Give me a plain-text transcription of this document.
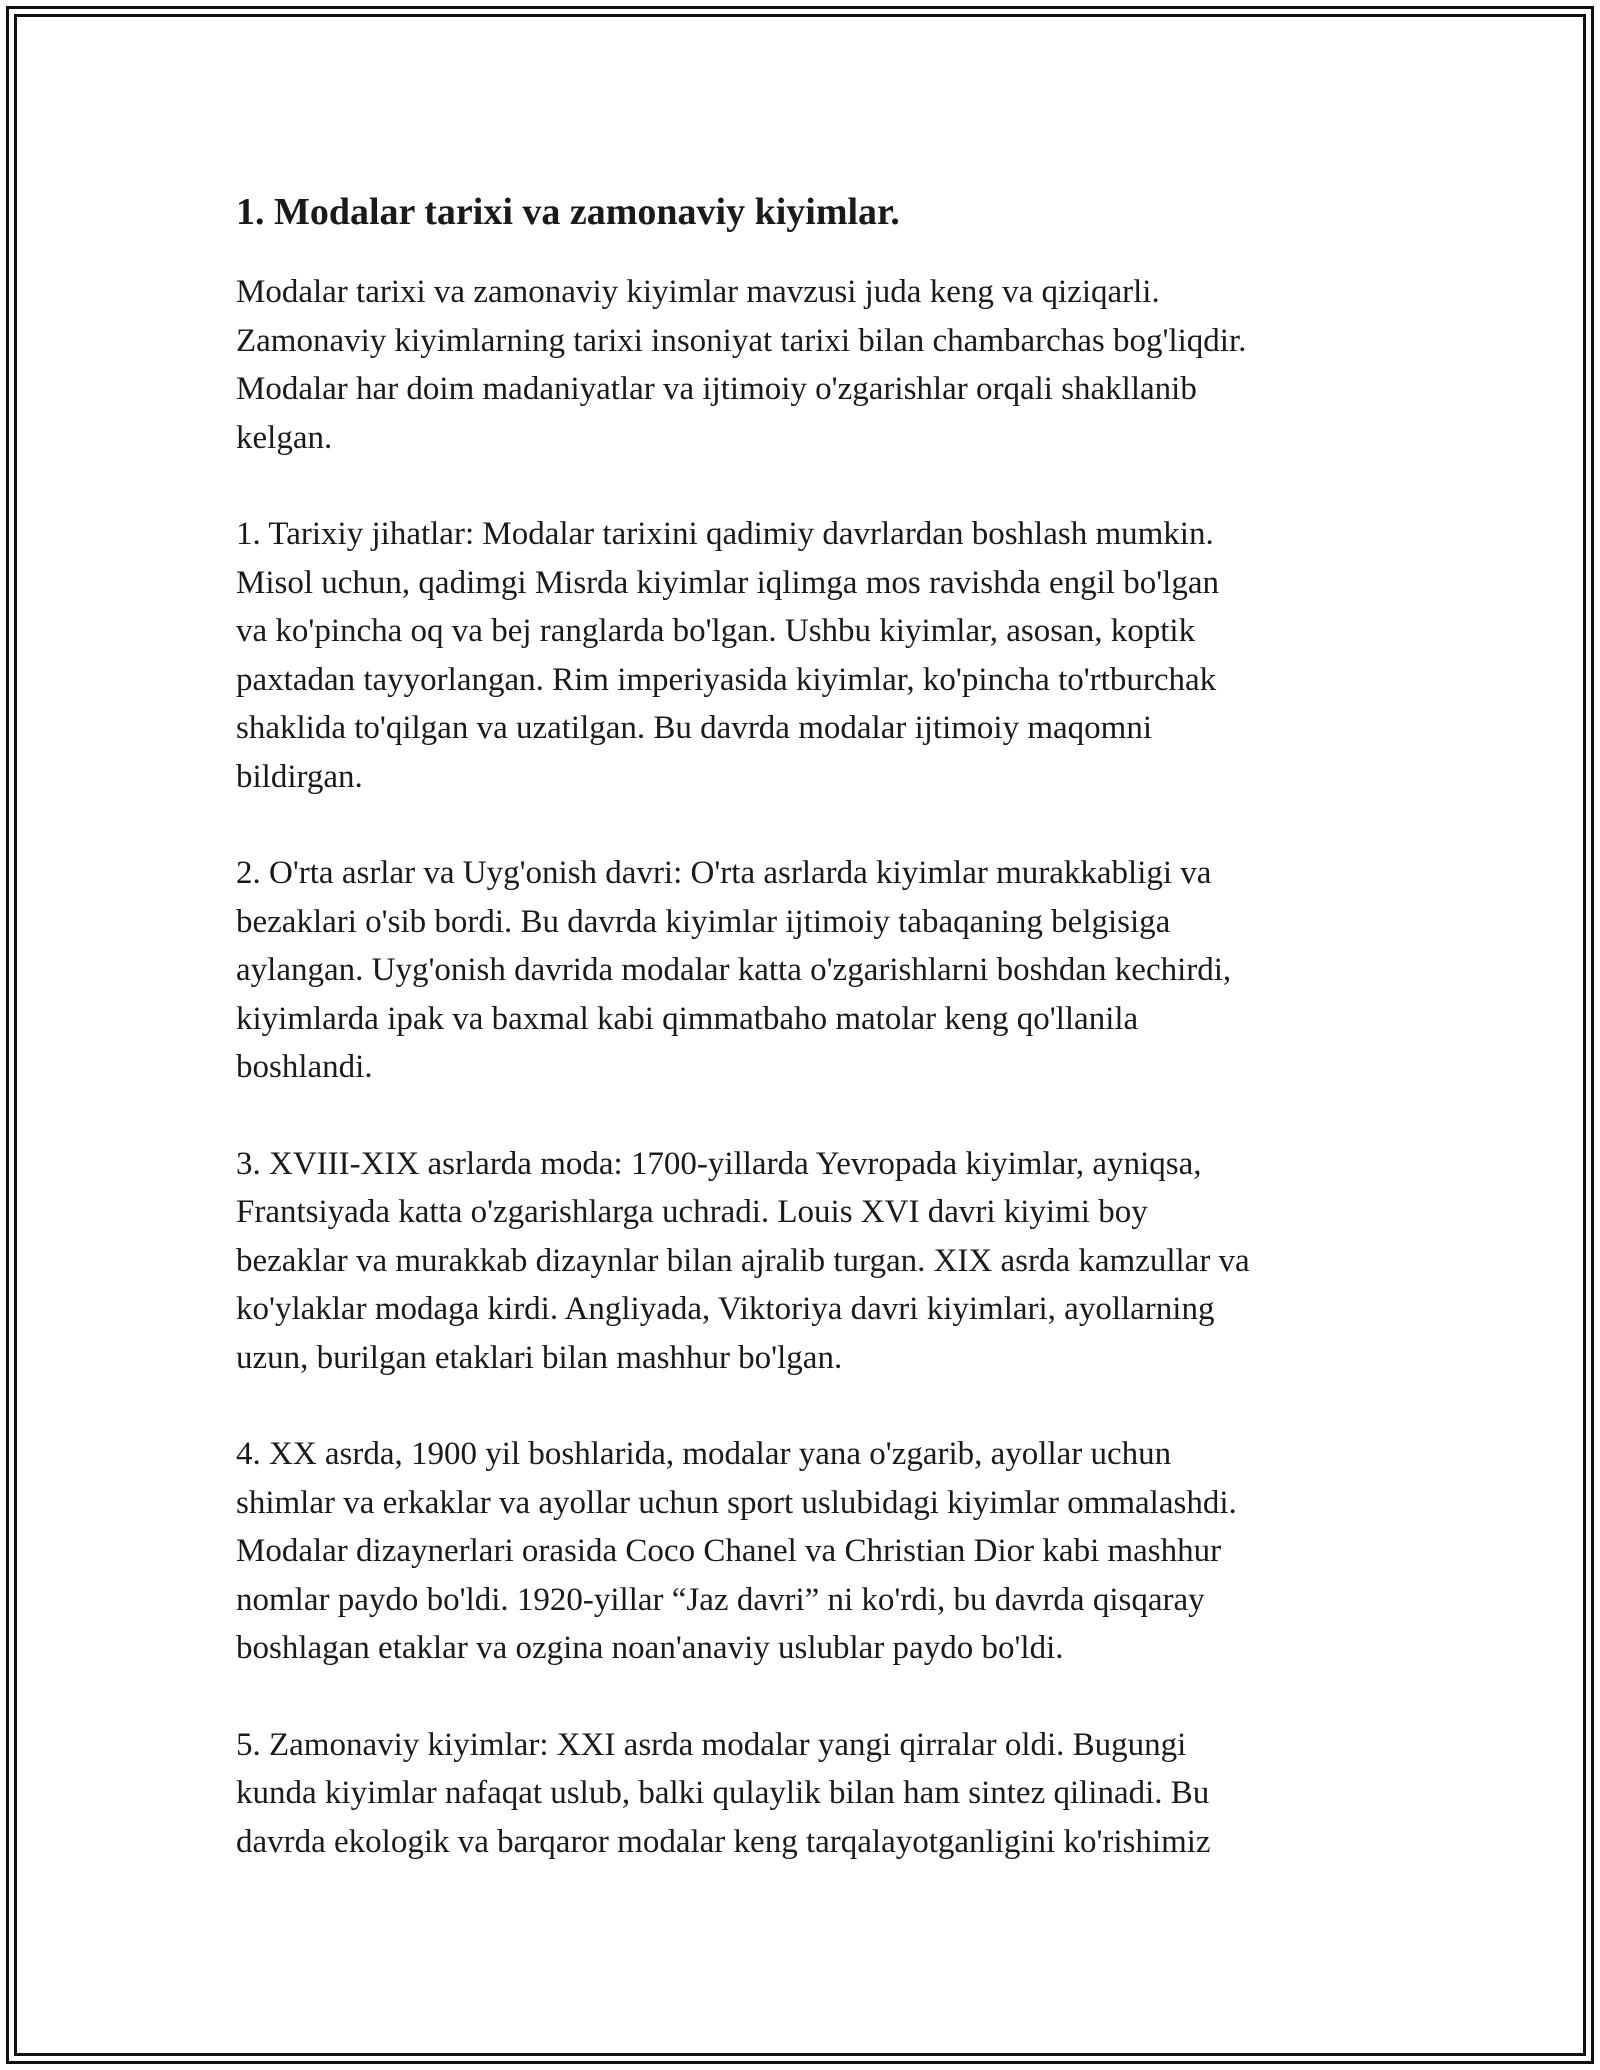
1. Modalar tarixi va zamonaviy kiyimlar.

Modalar tarixi va zamonaviy kiyimlar mavzusi juda keng va qiziqarli.
Zamonaviy kiyimlarning tarixi insoniyat tarixi bilan chambarchas bog'liqdir.
Modalar har doim madaniyatlar va ijtimoiy o'zgarishlar orqali shakllanib
kelgan.

1. Tarixiy jihatlar: Modalar tarixini qadimiy davrlardan boshlash mumkin.
Misol uchun, qadimgi Misrda kiyimlar iqlimga mos ravishda engil bo'lgan
va ko'pincha oq va bej ranglarda bo'lgan. Ushbu kiyimlar, asosan, koptik
paxtadan tayyorlangan. Rim imperiyasida kiyimlar, ko'pincha to'rtburchak
shaklida to'qilgan va uzatilgan. Bu davrda modalar ijtimoiy maqomni
bildirgan.

2. O'rta asrlar va Uyg'onish davri: O'rta asrlarda kiyimlar murakkabligi va
bezaklari o'sib bordi. Bu davrda kiyimlar ijtimoiy tabaqaning belgisiga
aylangan. Uyg'onish davrida modalar katta o'zgarishlarni boshdan kechirdi,
kiyimlarda ipak va baxmal kabi qimmatbaho matolar keng qo'llanila
boshlandi.

3. XVIII-XIX asrlarda moda: 1700-yillarda Yevropada kiyimlar, ayniqsa,
Frantsiyada katta o'zgarishlarga uchradi. Louis XVI davri kiyimi boy
bezaklar va murakkab dizaynlar bilan ajralib turgan. XIX asrda kamzullar va
ko'ylaklar modaga kirdi. Angliyada, Viktoriya davri kiyimlari, ayollarning
uzun, burilgan etaklari bilan mashhur bo'lgan.

4. XX asrda, 1900 yil boshlarida, modalar yana o'zgarib, ayollar uchun
shimlar va erkaklar va ayollar uchun sport uslubidagi kiyimlar ommalashdi.
Modalar dizaynerlari orasida Coco Chanel va Christian Dior kabi mashhur
nomlar paydo bo'ldi. 1920-yillar “Jaz davri” ni ko'rdi, bu davrda qisqaray
boshlagan etaklar va ozgina noan'anaviy uslublar paydo bo'ldi.

5. Zamonaviy kiyimlar: XXI asrda modalar yangi qirralar oldi. Bugungi
kunda kiyimlar nafaqat uslub, balki qulaylik bilan ham sintez qilinadi. Bu
davrda ekologik va barqaror modalar keng tarqalayotganligini ko'rishimiz
